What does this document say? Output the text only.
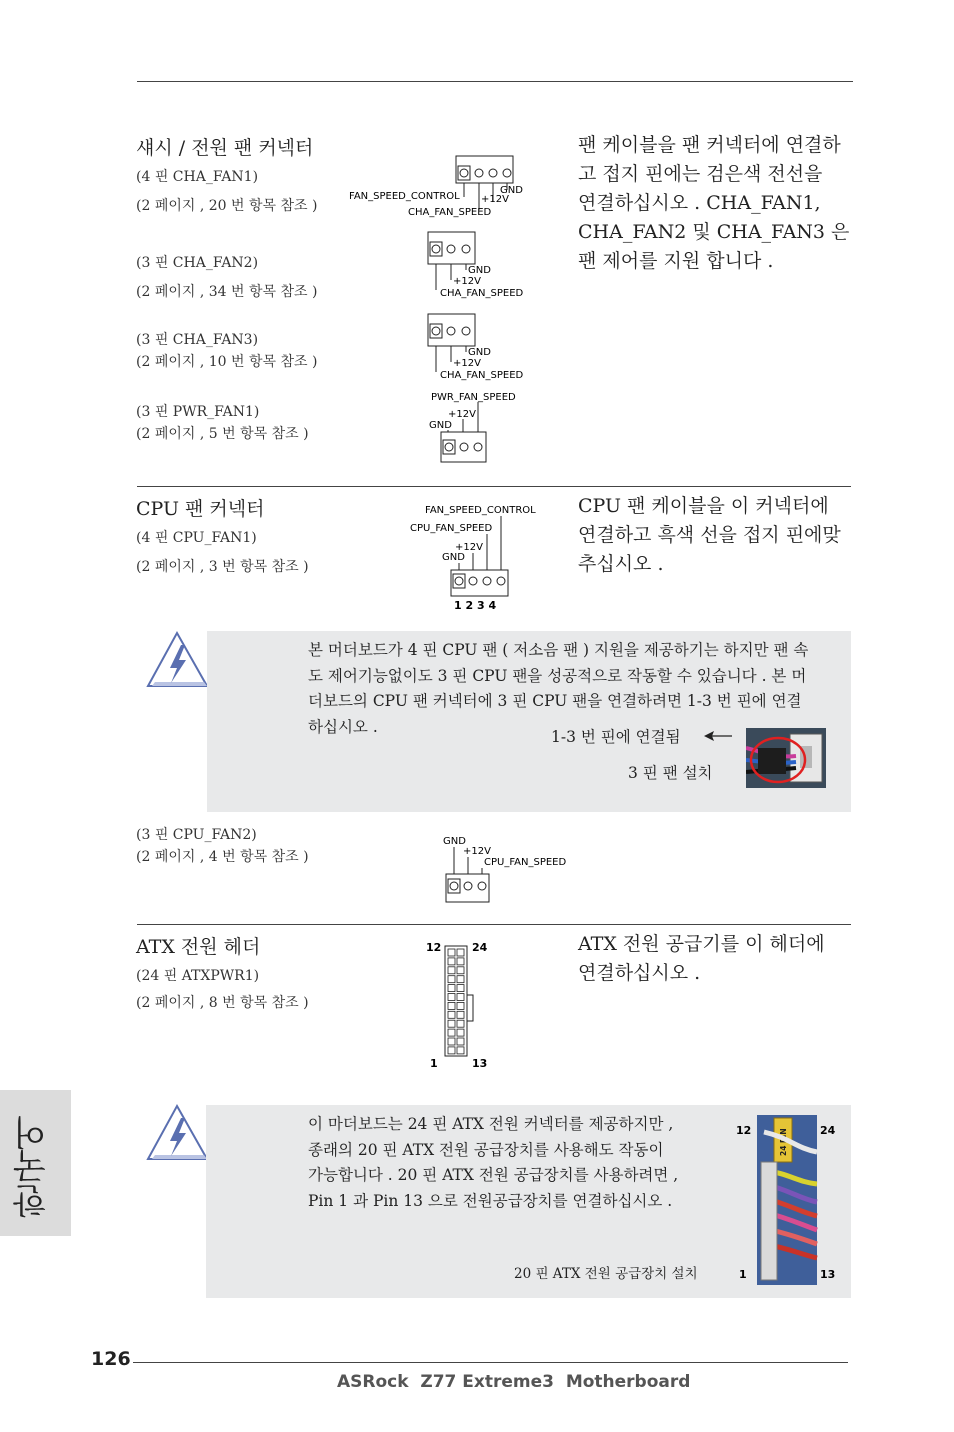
섀시 / 전원 팬 커넥터
(4 핀 CHA_FAN1)
(2 페이지 , 20 번 항목 참조 )
(3 핀 CHA_FAN2)
(2 페이지 , 34 번 항목 참조 )
(3 핀 CHA_FAN3)
(2 페이지 , 10 번 항목 참조 )
(3 핀 PWR_FAN1)
(2 페이지 , 5 번 항목 참조 )
팬 케이블을 팬 커넥터에 연결하
고 접지 핀에는 검은색 전선을
연결하십시오 . CHA_FAN1,
CHA_FAN2 및 CHA_FAN3 은
팬 제어를 지원 합니다 .
FAN_SPEED_CONTROL +12V
GND
CHA_FAN_SPEED
GND
+12V
CHA_FAN_SPEED
GND
+12V
CHA_FAN_SPEED
PWR_FAN_SPEED
+12V
GND
CPU 팬 커넥터
(4 핀 CPU_FAN1)
(2 페이지 , 3 번 항목 참조 )
CPU 팬 케이블을 이 커넥터에
연결하고 흑색 선을 접지 핀에맞
추십시오 .
FAN_SPEED_CONTROL
CPU_FAN_SPEED
+12V
GND
1 2 3 4
본 머더보드가 4 핀 CPU 팬 ( 저소음 팬 ) 지원을 제공하기는 하지만 팬 속
도 제어기능없이도 3 핀 CPU 팬을 성공적으로 작동할 수 있습니다 . 본 머
더보드의 CPU 팬 커넥터에 3 핀 CPU 팬을 연결하려면 1-3 번 핀에 연결
하십시오 .
1-3 번 핀에 연결됨
3 핀 팬 설치
(3 핀 CPU_FAN2)
(2 페이지 , 4 번 항목 참조 )
GND
+12V
CPU_FAN_SPEED
ATX 전원 헤더
(24 핀 ATXPWR1)
(2 페이지 , 8 번 항목 참조 )
ATX 전원 공급기를 이 헤더에
연결하십시오 .
12	24
1	13
이 마더보드는 24 핀 ATX 전원 커넥터를 제공하지만 ,
종래의 20 핀 ATX 전원 공급장치를 사용해도 작동이
가능합니다 . 20 핀 ATX 전원 공급장치를 사용하려면 ,
Pin 1 과 Pin 13 으로 전원공급장치를 연결하십시오 .
20 핀 ATX 전원 공급장치 설치
12	24
1	13
24 PIN
한국어
126
ASRock  Z77 Extreme3  Motherboard
